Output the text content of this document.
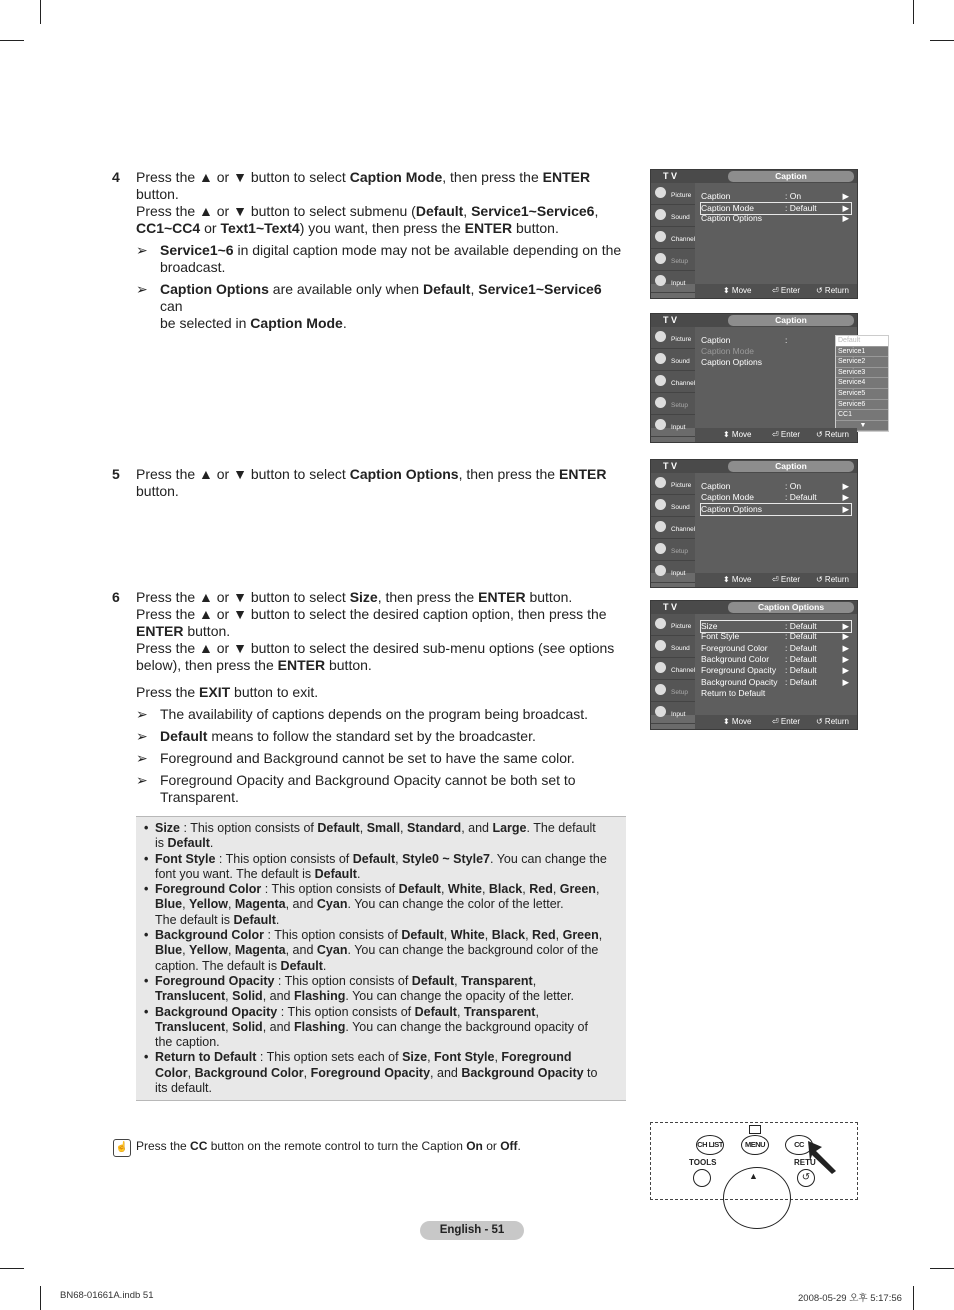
4 Press the ▲ or ▼ button to select Caption Mode, then press the ENTER button.

Press the ▲ or ▼ button to select submenu (Default, Service1~Service6,

CC1~CC4 or Text1~Text4) you want, then press the ENTER button.

➢ Service1~6 in digital caption mode may not be available depending on the

broadcast.

➢ Caption Options are available only when Default, Service1~Service6 can

be selected in Caption Mode.

5 Press the ▲ or ▼ button to select Caption Options, then press the ENTER

button.

6 Press the ▲ or ▼ button to select Size, then press the ENTER button.

Press the ▲ or ▼ button to select the desired caption option, then press the

ENTER button.

Press the ▲ or ▼ button to select the desired sub-menu options (see options

below), then press the ENTER button.

Press the EXIT button to exit.

➢ The availability of captions depends on the program being broadcast.

➢ Default means to follow the standard set by the broadcaster.

➢ Foreground and Background cannot be set to have the same color.

➢ Foreground Opacity and Background Opacity cannot be both set to

Transparent.

• Size : This option consists of Default, Small, Standard, and Large. The default
is Default.
• Font Style : This option consists of Default, Style0 ~ Style7. You can change the
font you want. The default is Default.
• Foreground Color : This option consists of Default, White, Black, Red, Green,
Blue, Yellow, Magenta, and Cyan. You can change the color of the letter.
The default is Default.
• Background Color : This option consists of Default, White, Black, Red, Green,
Blue, Yellow, Magenta, and Cyan. You can change the background color of the
caption. The default is Default.
• Foreground Opacity : This option consists of Default, Transparent,
Translucent, Solid, and Flashing. You can change the opacity of the letter.
• Background Opacity : This option consists of Default, Transparent,
Translucent, Solid, and Flashing. You can change the background opacity of
the caption.
• Return to Default : This option sets each of Size, Font Style, Foreground
Color, Background Color, Foreground Opacity, and Background Opacity to
its default.
☝ Press the CC button on the remote control to turn the Caption On or Off.
T V	Caption
Picture
Sound
Channel
Setup
Input
Caption	: On	▶
Caption Mode	: Default	▶
Caption Options	▶
⬍ Move	⏎ Enter ↺ Return
T V	Caption
Picture
Sound
Channel
Setup
Input
Caption	:
Caption Mode
Caption Options
Default
Service1
Service2
Service3
Service4
Service5
Service6
CC1
▼
⬍ Move	⏎ Enter ↺ Return
T V	Caption
Picture
Sound
Channel
Setup
Input
Caption	: On	▶
Caption Mode	: Default	▶
Caption Options	▶
⬍ Move	⏎ Enter ↺ Return
T V	Caption Options
Picture
Sound
Channel
Setup
Input
Size	: Default	▶
Font Style	: Default	▶
Foreground Color : Default	▶
Background Color : Default	▶
Foreground Opacity : Default	▶
Background Opacity : Default	▶
Return to Default
⬍ Move	⏎ Enter ↺ Return
CH LIST	MENU	CC
TOOLS	RETU
↺
▲
English - 51
BN68-01661A.indb 51	2008-05-29 오후 5:17:56
